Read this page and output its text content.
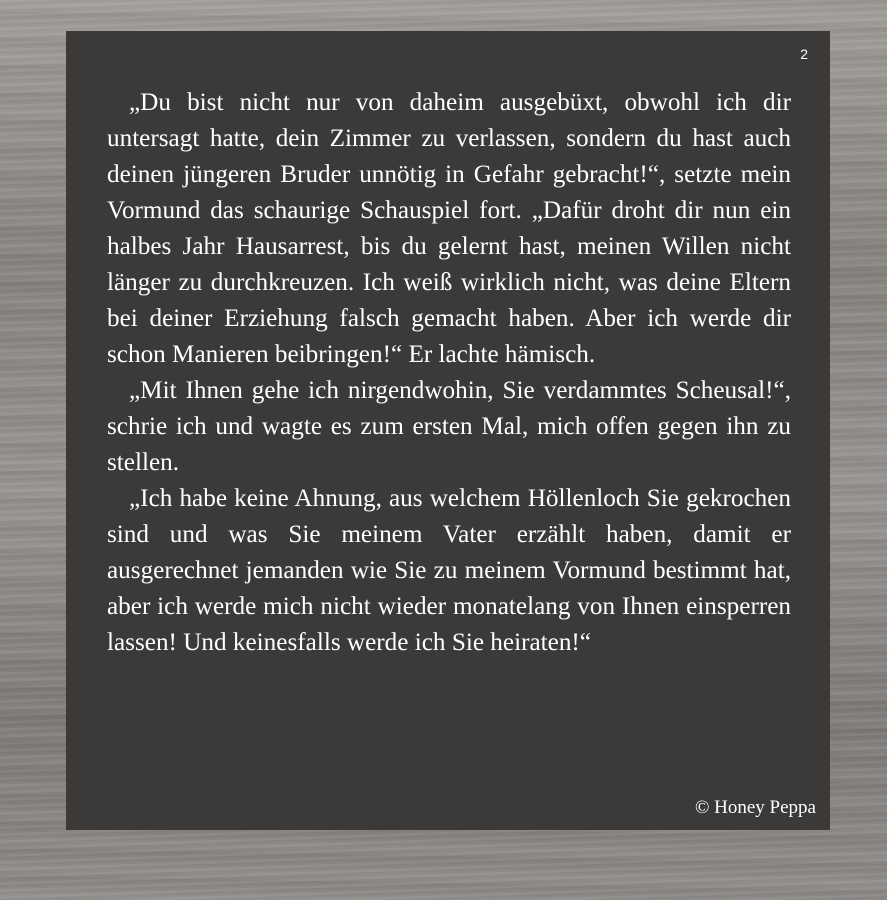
2

„Du bist nicht nur von daheim ausgebüxt, obwohl ich dir untersagt hatte, dein Zimmer zu verlassen, sondern du hast auch deinen jüngeren Bruder unnötig in Gefahr gebracht!“, setzte mein Vormund das schaurige Schauspiel fort. „Dafür droht dir nun ein halbes Jahr Hausarrest, bis du gelernt hast, meinen Willen nicht länger zu durchkreuzen. Ich weiß wirklich nicht, was deine Eltern bei deiner Erziehung falsch gemacht haben. Aber ich werde dir schon Manieren beibringen!“ Er lachte hämisch.

„Mit Ihnen gehe ich nirgendwohin, Sie verdammtes Scheusal!“, schrie ich und wagte es zum ersten Mal, mich offen gegen ihn zu stellen.

„Ich habe keine Ahnung, aus welchem Höllenloch Sie gekrochen sind und was Sie meinem Vater erzählt haben, damit er ausgerechnet jemanden wie Sie zu meinem Vormund bestimmt hat, aber ich werde mich nicht wieder monatelang von Ihnen einsperren lassen! Und keinesfalls werde ich Sie heiraten!“

© Honey Peppa
